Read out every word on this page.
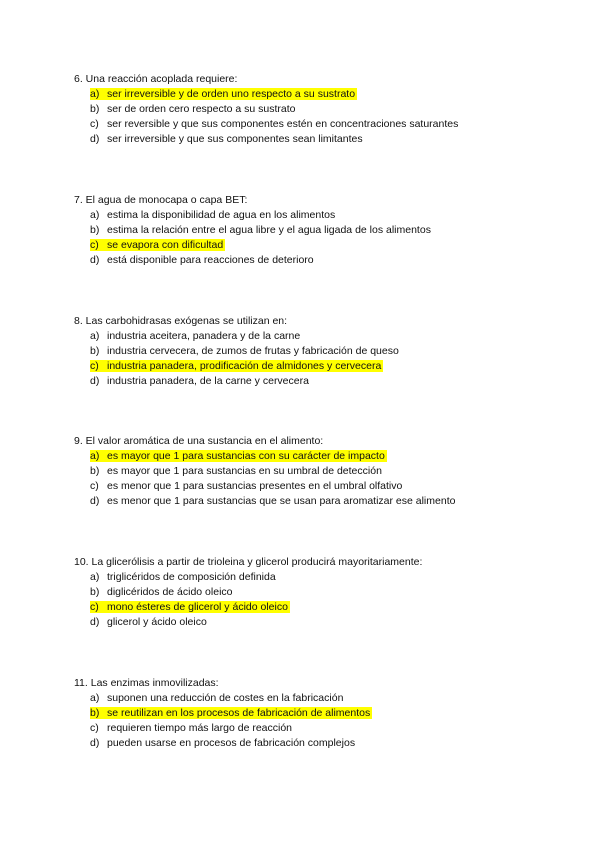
6. Una reacción acoplada requiere:
a) ser irreversible y de orden uno respecto a su sustrato
b) ser de orden cero respecto a su sustrato
c) ser reversible y que sus componentes estén en concentraciones saturantes
d) ser irreversible y que sus componentes sean limitantes
7. El agua de monocapa o capa BET:
a) estima la disponibilidad de agua en los alimentos
b) estima la relación entre el agua libre y el agua ligada de los alimentos
c) se evapora con dificultad
d) está disponible para reacciones de deterioro
8. Las carbohidrasas exógenas se utilizan en:
a) industria aceitera, panadera y de la carne
b) industria cervecera, de zumos de frutas y fabricación de queso
c) industria panadera, prodificación de almidones y cervecera
d) industria panadera, de la carne y cervecera
9. El valor aromática de una sustancia en el alimento:
a) es mayor que 1 para sustancias con su carácter de impacto
b) es mayor que 1 para sustancias en su umbral de detección
c) es menor que 1 para sustancias presentes en el umbral olfativo
d) es menor que 1 para sustancias que se usan para aromatizar ese alimento
10. La glicerólisis a partir de trioleina y glicerol producirá mayoritariamente:
a) triglicéridos de composición definida
b) diglicéridos de ácido oleico
c) mono ésteres de glicerol y ácido oleico
d) glicerol y ácido oleico
11. Las enzimas inmovilizadas:
a) suponen una reducción de costes en la fabricación
b) se reutilizan en los procesos de fabricación de alimentos
c) requieren tiempo más largo de reacción
d) pueden usarse en procesos de fabricación complejos
